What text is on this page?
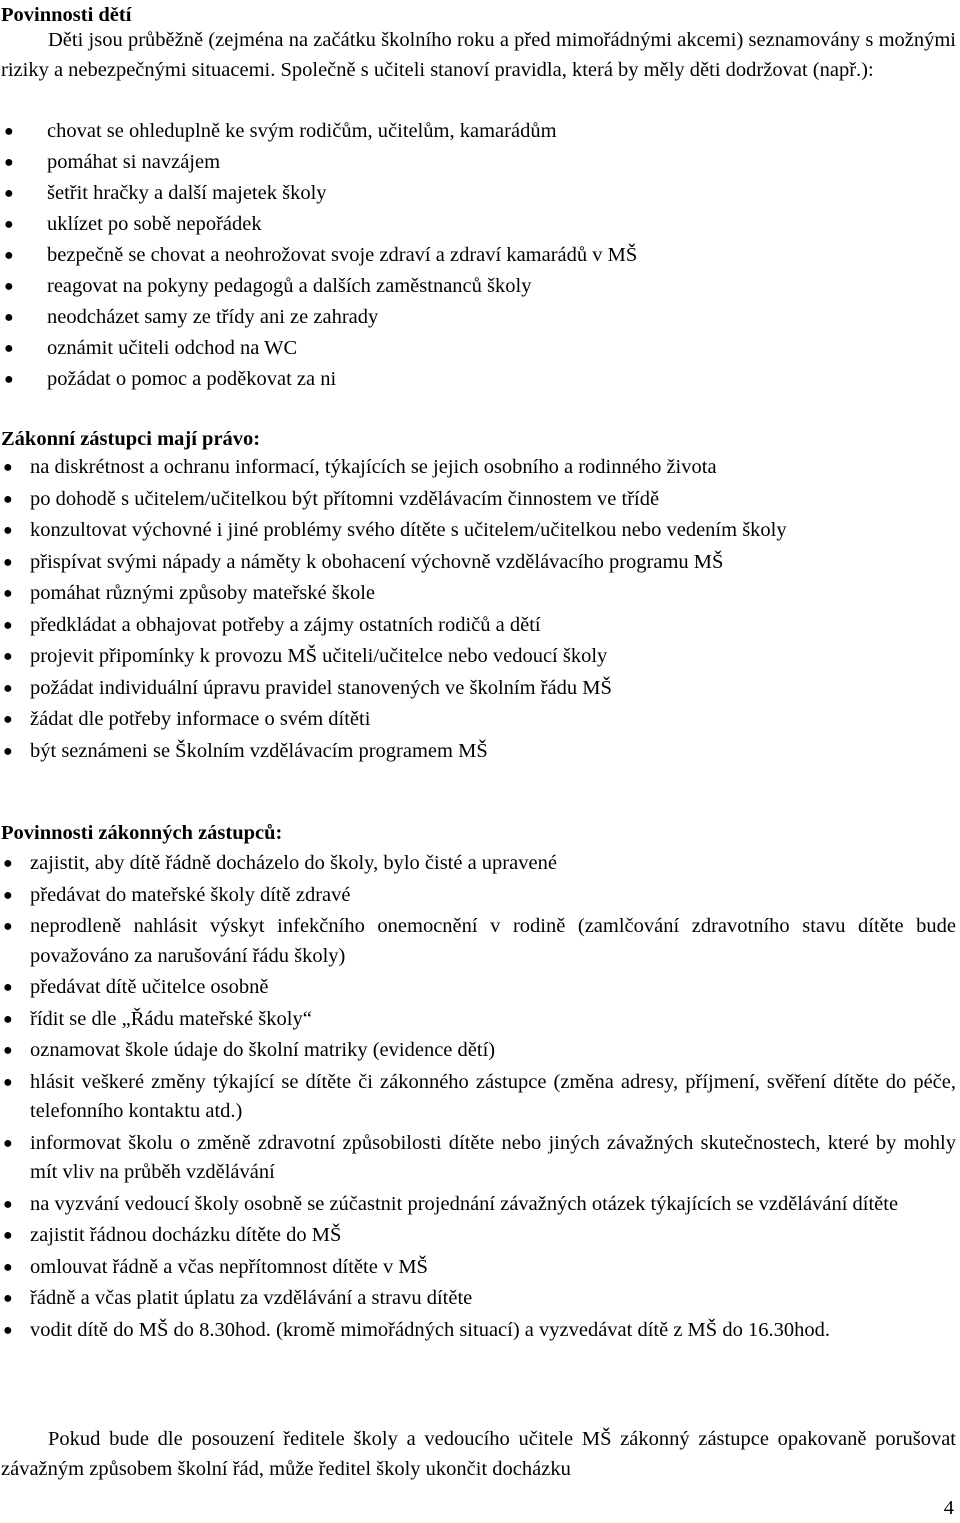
Povinnosti dětí
Děti jsou průběžně (zejména na začátku školního roku a před mimořádnými akcemi) seznamovány s možnými riziky a nebezpečnými situacemi. Společně s učiteli stanoví pravidla, která by měly děti dodržovat (např.):
● chovat se ohleduplně ke svým rodičům, učitelům, kamarádům
● pomáhat si navzájem
● šetřit hračky a další majetek školy
● uklízet po sobě nepořádek
● bezpečně se chovat a neohrožovat svoje zdraví a zdraví kamarádů v MŠ
● reagovat na pokyny pedagogů a dalších zaměstnanců školy
● neodcházet samy ze třídy ani ze zahrady
● oznámit učiteli odchod na WC
● požádat o pomoc a poděkovat za ni
Zákonní zástupci mají právo:
● na diskrétnost a ochranu informací, týkajících se jejich osobního a rodinného života
● po dohodě s učitelem/učitelkou být přítomni vzdělávacím činnostem ve třídě
● konzultovat výchovné i jiné problémy svého dítěte s učitelem/učitelkou nebo vedením školy
● přispívat svými nápady a náměty k obohacení výchovně vzdělávacího programu MŠ
● pomáhat různými způsoby mateřské škole
● předkládat a obhajovat potřeby a zájmy ostatních rodičů a dětí
● projevit připomínky k provozu MŠ učiteli/učitelce nebo vedoucí školy
● požádat individuální úpravu pravidel stanovených ve školním řádu MŠ
● žádat dle potřeby informace o svém dítěti
● být seznámeni se Školním vzdělávacím programem MŠ
Povinnosti zákonných zástupců:
● zajistit, aby dítě řádně docházelo do školy, bylo čisté a upravené
● předávat do mateřské školy dítě zdravé
● neprodleně nahlásit výskyt infekčního onemocnění v rodině (zamlčování zdravotního stavu dítěte bude považováno za narušování řádu školy)
● předávat dítě učitelce osobně
● řídit se dle „Řádu mateřské školy“
● oznamovat škole údaje do školní matriky (evidence dětí)
● hlásit veškeré změny týkající se dítěte či zákonného zástupce (změna adresy, příjmení, svěření dítěte do péče, telefonního kontaktu atd.)
● informovat školu o změně zdravotní způsobilosti dítěte nebo jiných závažných skutečnostech, které by mohly mít vliv na průběh vzdělávání
● na vyzvání vedoucí školy osobně se zúčastnit projednání závažných otázek týkajících se vzdělávání dítěte
● zajistit řádnou docházku dítěte do MŠ
● omlouvat řádně a včas nepřítomnost dítěte v MŠ
● řádně a včas platit úplatu za vzdělávání a stravu dítěte
● vodit dítě do MŠ do 8.30hod. (kromě mimořádných situací) a vyzvedávat dítě z MŠ do 16.30hod.
Pokud bude dle posouzení ředitele školy a vedoucího učitele MŠ zákonný zástupce opakovaně porušovat závažným způsobem školní řád, může ředitel školy ukončit docházku
4
